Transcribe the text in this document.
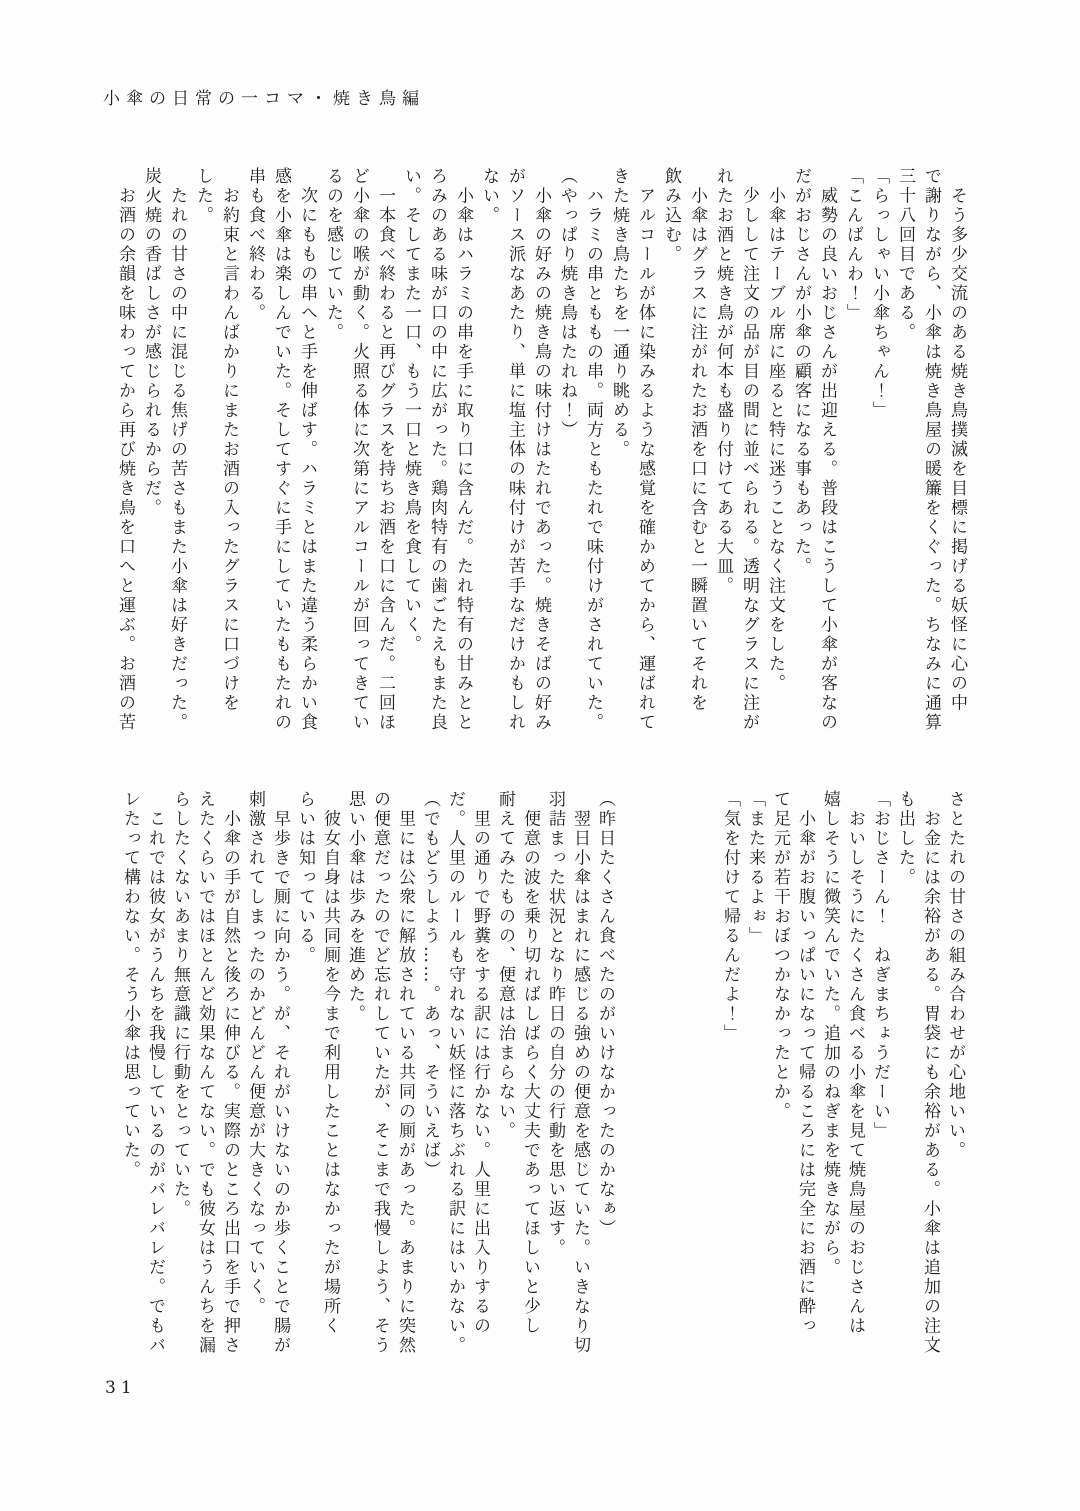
小傘の日常の一コマ・焼き鳥編
　そう多少交流のある焼き鳥撲滅を目標に掲げる妖怪に心の中
で謝りながら、小傘は焼き鳥屋の暖簾をくぐった。ちなみに通算
三十八回目である。
「らっしゃい小傘ちゃん！」
「こんばんわ！」
　威勢の良いおじさんが出迎える。普段はこうして小傘が客なの
だがおじさんが小傘の顧客になる事もあった。
　小傘はテーブル席に座ると特に迷うことなく注文をした。
　少しして注文の品が目の間に並べられる。透明なグラスに注が
れたお酒と焼き鳥が何本も盛り付けてある大皿。
　小傘はグラスに注がれたお酒を口に含むと一瞬置いてそれを
飲み込む。
　アルコールが体に染みるような感覚を確かめてから、運ばれて
きた焼き鳥たちを一通り眺める。
　ハラミの串とももの串。両方ともたれで味付けがされていた。
（やっぱり焼き鳥はたれね！）
　小傘の好みの焼き鳥の味付けはたれであった。焼きそばの好み
がソース派なあたり、単に塩主体の味付けが苦手なだけかもしれ
ない。
　小傘はハラミの串を手に取り口に含んだ。たれ特有の甘みとと
ろみのある味が口の中に広がった。鶏肉特有の歯ごたえもまた良
い。そしてまた一口、もう一口と焼き鳥を食していく。
　一本食べ終わると再びグラスを持ちお酒を口に含んだ。二回ほ
ど小傘の喉が動く。火照る体に次第にアルコールが回ってきてい
るのを感じていた。
　次にももの串へと手を伸ばす。ハラミとはまた違う柔らかい食
感を小傘は楽しんでいた。そしてすぐに手にしていたももたれの
串も食べ終わる。
　お約束と言わんばかりにまたお酒の入ったグラスに口づけを
した。
　たれの甘さの中に混じる焦げの苦さもまた小傘は好きだった。
炭火焼の香ばしさが感じられるからだ。
　お酒の余韻を味わってから再び焼き鳥を口へと運ぶ。お酒の苦
さとたれの甘さの組み合わせが心地いい。
　お金には余裕がある。胃袋にも余裕がある。小傘は追加の注文
も出した。
「おじさーん！　ねぎまちょうだーい」
　おいしそうにたくさん食べる小傘を見て焼鳥屋のおじさんは
嬉しそうに微笑んでいた。追加のねぎまを焼きながら。
　小傘がお腹いっぱいになって帰るころには完全にお酒に酔っ
て足元が若干おぼつかなかったとか。
「また来るよぉ」
「気を付けて帰るんだよ！」
（昨日たくさん食べたのがいけなかったのかなぁ）
　翌日小傘はまれに感じる強めの便意を感じていた。いきなり切
羽詰まった状況となり昨日の自分の行動を思い返す。
　便意の波を乗り切ればしばらく大丈夫であってほしいと少し
耐えてみたものの、便意は治まらない。
　里の通りで野糞をする訳には行かない。人里に出入りするの
だ。人里のルールも守れない妖怪に落ちぶれる訳にはいかない。
（でもどうしよう……。あっ、そういえば）
　里には公衆に解放されている共同の厠があった。あまりに突然
の便意だったのでど忘れしていたが、そこまで我慢しよう、そう
思い小傘は歩みを進めた。
　彼女自身は共同厠を今まで利用したことはなかったが場所く
らいは知っている。
　早歩きで厠に向かう。が、それがいけないのか歩くことで腸が
刺激されてしまったのかどんどん便意が大きくなっていく。
　小傘の手が自然と後ろに伸びる。実際のところ出口を手で押さ
えたくらいではほとんど効果なんてない。でも彼女はうんちを漏
らしたくないあまり無意識に行動をとっていた。
　これでは彼女がうんちを我慢しているのがバレバレだ。でもバ
レたって構わない。そう小傘は思っていた。
31
